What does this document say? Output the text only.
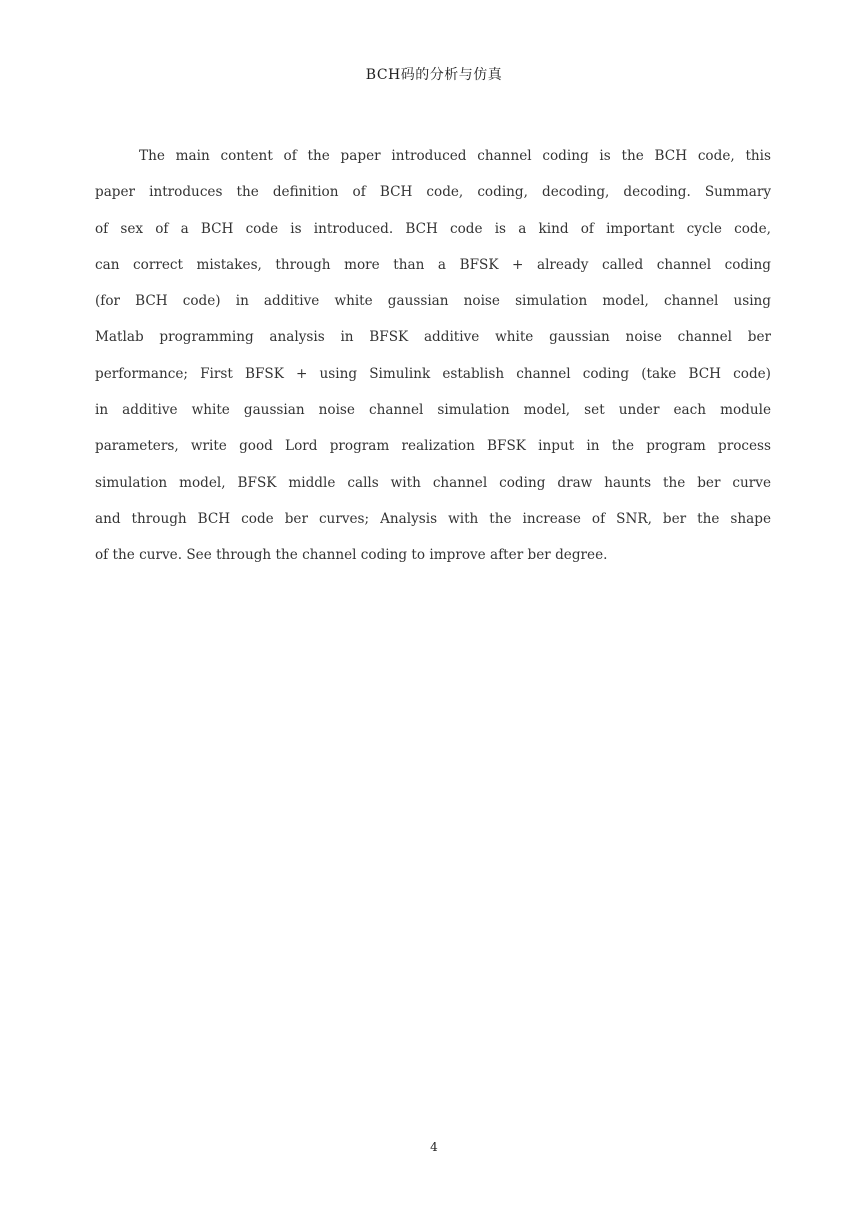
BCH码的分析与仿真
The main content of the paper introduced channel coding is the BCH code, this
paper introduces the definition of BCH code, coding, decoding, decoding. Summary
of sex of a BCH code is introduced. BCH code is a kind of important cycle code,
can correct mistakes, through more than a BFSK + already called channel coding
(for BCH code) in additive white gaussian noise simulation model, channel using
Matlab programming analysis in BFSK additive white gaussian noise channel ber
performance; First BFSK + using Simulink establish channel coding (take BCH code)
in additive white gaussian noise channel simulation model, set under each module
parameters, write good Lord program realization BFSK input in the program process
simulation model, BFSK middle calls with channel coding draw haunts the ber curve
and through BCH code ber curves; Analysis with the increase of SNR, ber the shape
of the curve. See through the channel coding to improve after ber degree.
4
